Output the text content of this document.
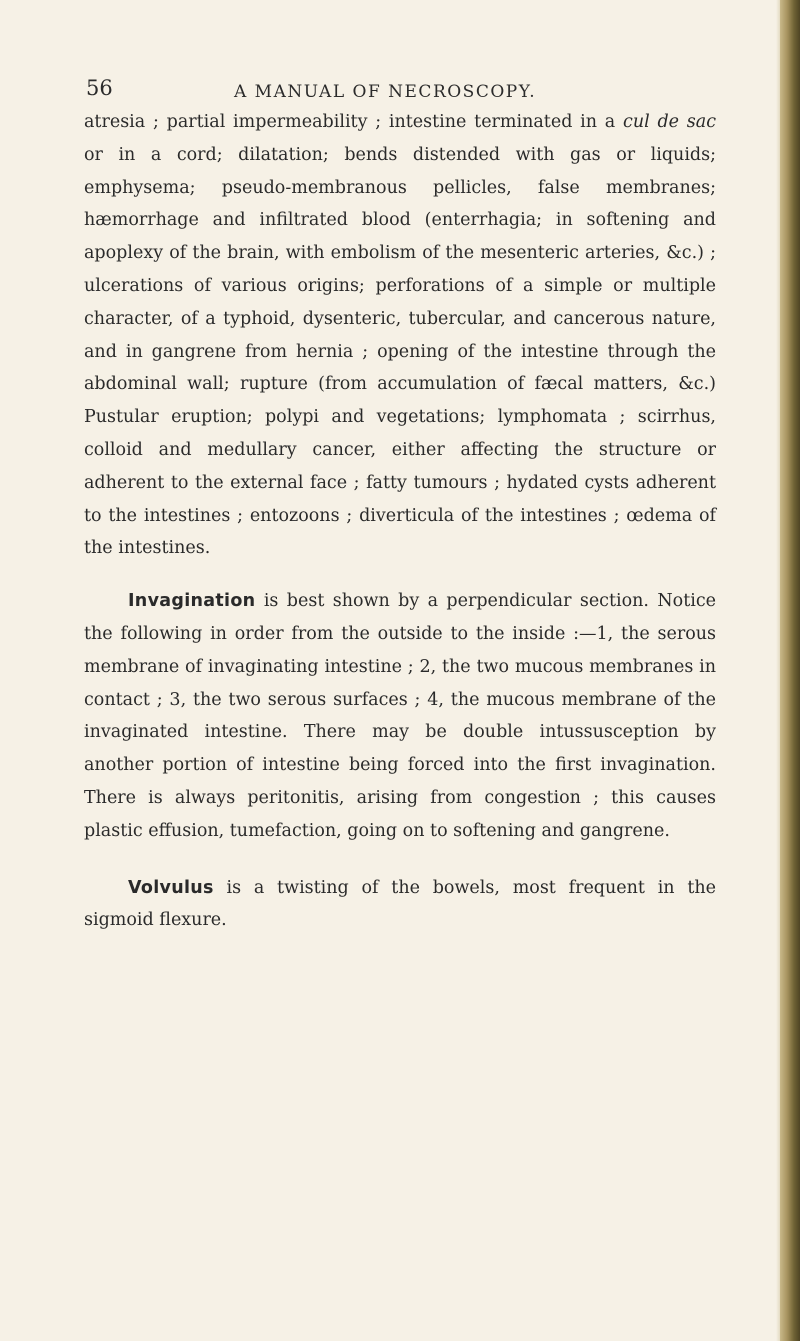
56	A MANUAL OF NECROSCOPY.

atresia ; partial impermeability ; intestine terminated in a cul de sac or in a cord; dilatation; bends distended with gas or liquids; emphysema; pseudo-membranous pellicles, false membranes; hæmorrhage and infiltrated blood (enterrhagia; in softening and apoplexy of the brain, with embolism of the mesenteric arteries, &c.) ; ulcerations of various origins; perforations of a simple or multiple character, of a typhoid, dysenteric, tubercular, and cancerous nature, and in gangrene from hernia ; opening of the intestine through the abdominal wall; rupture (from accumulation of fæcal matters, &c.) Pustular eruption; polypi and vegetations; lymphomata ; scirrhus, colloid and medullary cancer, either affecting the structure or adherent to the external face ; fatty tumours ; hydated cysts adherent to the intestines ; entozoons ; diverticula of the intestines ; œdema of the intestines.

Invagination is best shown by a perpendicular section. Notice the following in order from the outside to the inside :—1, the serous membrane of invaginating intestine ; 2, the two mucous membranes in contact ; 3, the two serous surfaces ; 4, the mucous membrane of the invaginated intestine. There may be double intussusception by another portion of intestine being forced into the first invagination. There is always peritonitis, arising from congestion ; this causes plastic effusion, tumefaction, going on to softening and gangrene.

Volvulus is a twisting of the bowels, most frequent in the sigmoid flexure.
